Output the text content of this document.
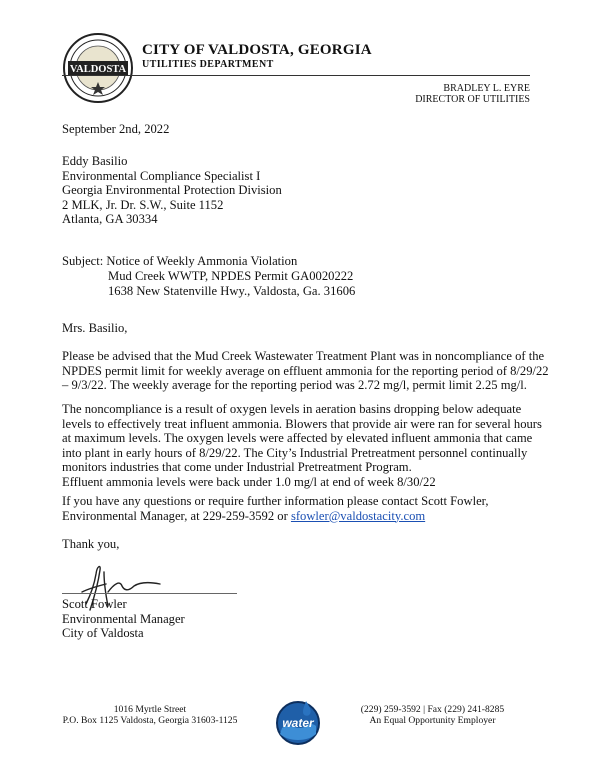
VALDOSTA
CITY OF VALDOSTA, GEORGIA
UTILITIES DEPARTMENT
BRADLEY L. EYRE
DIRECTOR OF UTILITIES
September 2nd, 2022
Eddy Basilio
Environmental Compliance Specialist I
Georgia Environmental Protection Division
2 MLK, Jr. Dr. S.W., Suite 1152
Atlanta, GA 30334
Subject: Notice of Weekly Ammonia Violation
Mud Creek WWTP, NPDES Permit GA0020222
1638 New Statenville Hwy., Valdosta, Ga. 31606
Mrs. Basilio,
Please be advised that the Mud Creek Wastewater Treatment Plant was in noncompliance of the
NPDES permit limit for weekly average on effluent ammonia for the reporting period of 8/29/22
– 9/3/22. The weekly average for the reporting period was 2.72 mg/l, permit limit 2.25 mg/l.
The noncompliance is a result of oxygen levels in aeration basins dropping below adequate
levels to effectively treat influent ammonia. Blowers that provide air were ran for several hours
at maximum levels. The oxygen levels were affected by elevated influent ammonia that came
into plant in early hours of 8/29/22. The City’s Industrial Pretreatment personnel continually
monitors industries that come under Industrial Pretreatment Program.
Effluent ammonia levels were back under 1.0 mg/l at end of week 8/30/22
If you have any questions or require further information please contact Scott Fowler,
Environmental Manager, at 229-259-3592 or sfowler@valdostacity.com
Thank you,
Scott Fowler
Environmental Manager
City of Valdosta
1016 Myrtle Street
P.O. Box 1125 Valdosta, Georgia 31603-1125	water
(229) 259-3592 | Fax (229) 241-8285
An Equal Opportunity Employer
